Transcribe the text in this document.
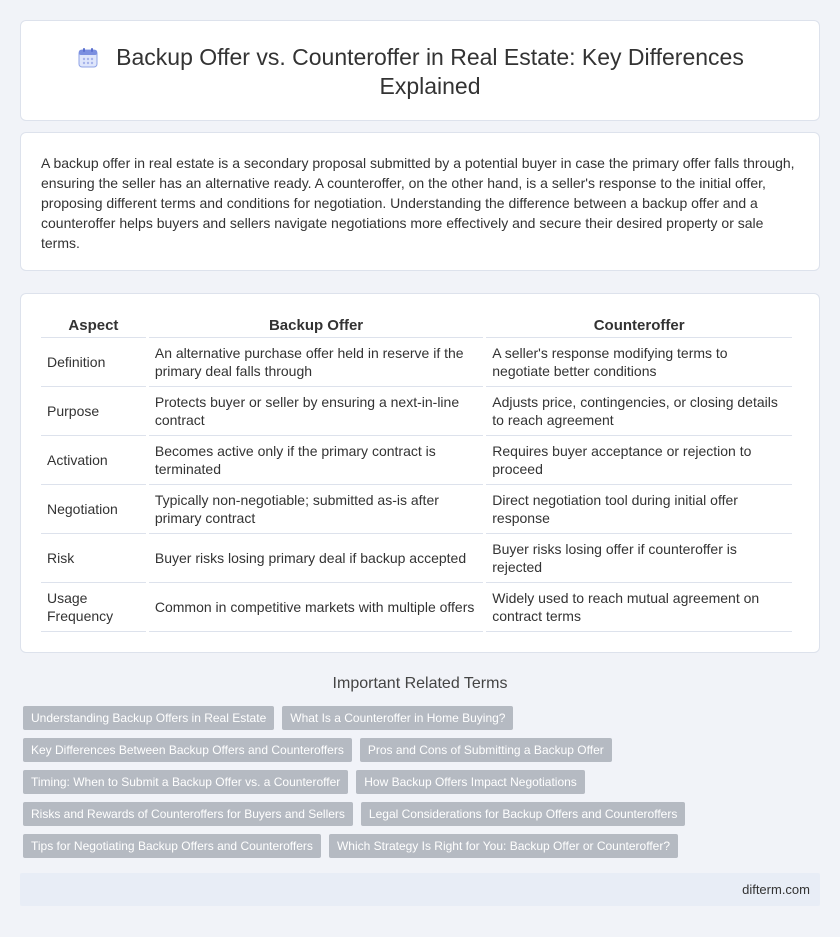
Backup Offer vs. Counteroffer in Real Estate: Key Differences Explained

A backup offer in real estate is a secondary proposal submitted by a potential buyer in case the primary offer falls through, ensuring the seller has an alternative ready. A counteroffer, on the other hand, is a seller's response to the initial offer, proposing different terms and conditions for negotiation. Understanding the difference between a backup offer and a counteroffer helps buyers and sellers navigate negotiations more effectively and secure their desired property or sale terms.

Aspect	Backup Offer	Counteroffer
Definition	An alternative purchase offer held in reserve if the primary deal falls through	A seller's response modifying terms to negotiate better conditions
Purpose	Protects buyer or seller by ensuring a next-in-line contract	Adjusts price, contingencies, or closing details to reach agreement
Activation	Becomes active only if the primary contract is terminated	Requires buyer acceptance or rejection to proceed
Negotiation	Typically non-negotiable; submitted as-is after primary contract	Direct negotiation tool during initial offer response
Risk	Buyer risks losing primary deal if backup accepted	Buyer risks losing offer if counteroffer is rejected
Usage Frequency	Common in competitive markets with multiple offers	Widely used to reach mutual agreement on contract terms
Important Related Terms
Understanding Backup Offers in Real Estate	What Is a Counteroffer in Home Buying?
Key Differences Between Backup Offers and Counteroffers	Pros and Cons of Submitting a Backup Offer
Timing: When to Submit a Backup Offer vs. a Counteroffer	How Backup Offers Impact Negotiations
Risks and Rewards of Counteroffers for Buyers and Sellers	Legal Considerations for Backup Offers and Counteroffers
Tips for Negotiating Backup Offers and Counteroffers	Which Strategy Is Right for You: Backup Offer or Counteroffer?
difterm.com
